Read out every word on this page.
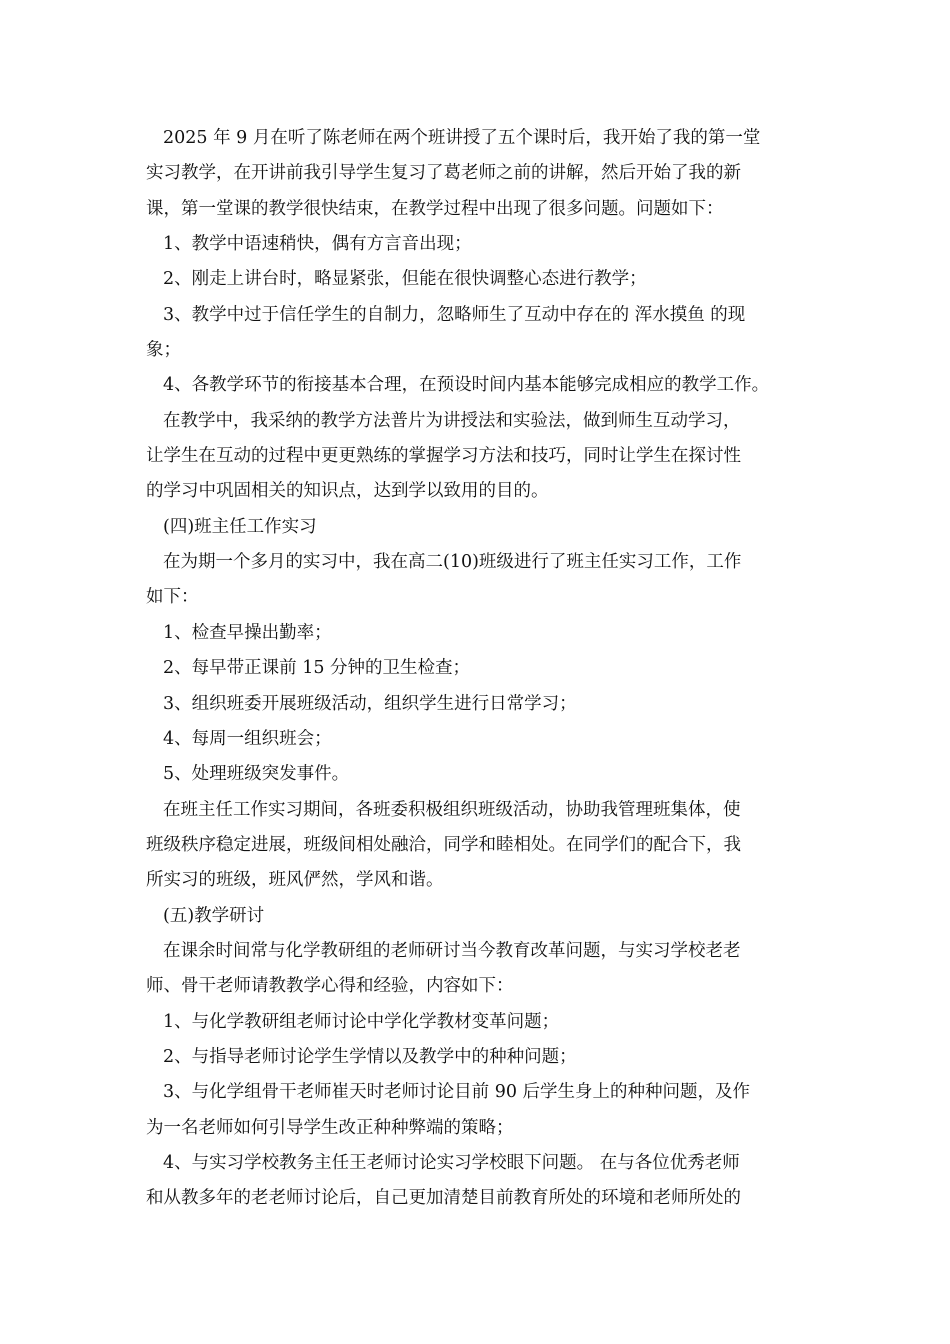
2025 年 9 月在听了陈老师在两个班讲授了五个课时后，我开始了我的第一堂
实习教学，在开讲前我引导学生复习了葛老师之前的讲解，然后开始了我的新
课，第一堂课的教学很快结束，在教学过程中出现了很多问题。问题如下：
1、教学中语速稍快，偶有方言音出现；
2、刚走上讲台时，略显紧张，但能在很快调整心态进行教学；
3、教学中过于信任学生的自制力，忽略师生了互动中存在的 浑水摸鱼 的现
象；
4、各教学环节的衔接基本合理，在预设时间内基本能够完成相应的教学工作。
在教学中，我采纳的教学方法普片为讲授法和实验法，做到师生互动学习，
让学生在互动的过程中更更熟练的掌握学习方法和技巧，同时让学生在探讨性
的学习中巩固相关的知识点，达到学以致用的目的。
(四)班主任工作实习
在为期一个多月的实习中，我在高二(10)班级进行了班主任实习工作，工作
如下：
1、检查早操出勤率；
2、每早带正课前 15 分钟的卫生检查；
3、组织班委开展班级活动，组织学生进行日常学习；
4、每周一组织班会；
5、处理班级突发事件。
在班主任工作实习期间，各班委积极组织班级活动，协助我管理班集体，使
班级秩序稳定进展，班级间相处融洽，同学和睦相处。在同学们的配合下，我
所实习的班级，班风俨然，学风和谐。
(五)教学研讨
在课余时间常与化学教研组的老师研讨当今教育改革问题，与实习学校老老
师、骨干老师请教教学心得和经验，内容如下：
1、与化学教研组老师讨论中学化学教材变革问题；
2、与指导老师讨论学生学情以及教学中的种种问题；
3、与化学组骨干老师崔天时老师讨论目前 90 后学生身上的种种问题，及作
为一名老师如何引导学生改正种种弊端的策略；
4、与实习学校教务主任王老师讨论实习学校眼下问题。 在与各位优秀老师
和从教多年的老老师讨论后，自己更加清楚目前教育所处的环境和老师所处的
